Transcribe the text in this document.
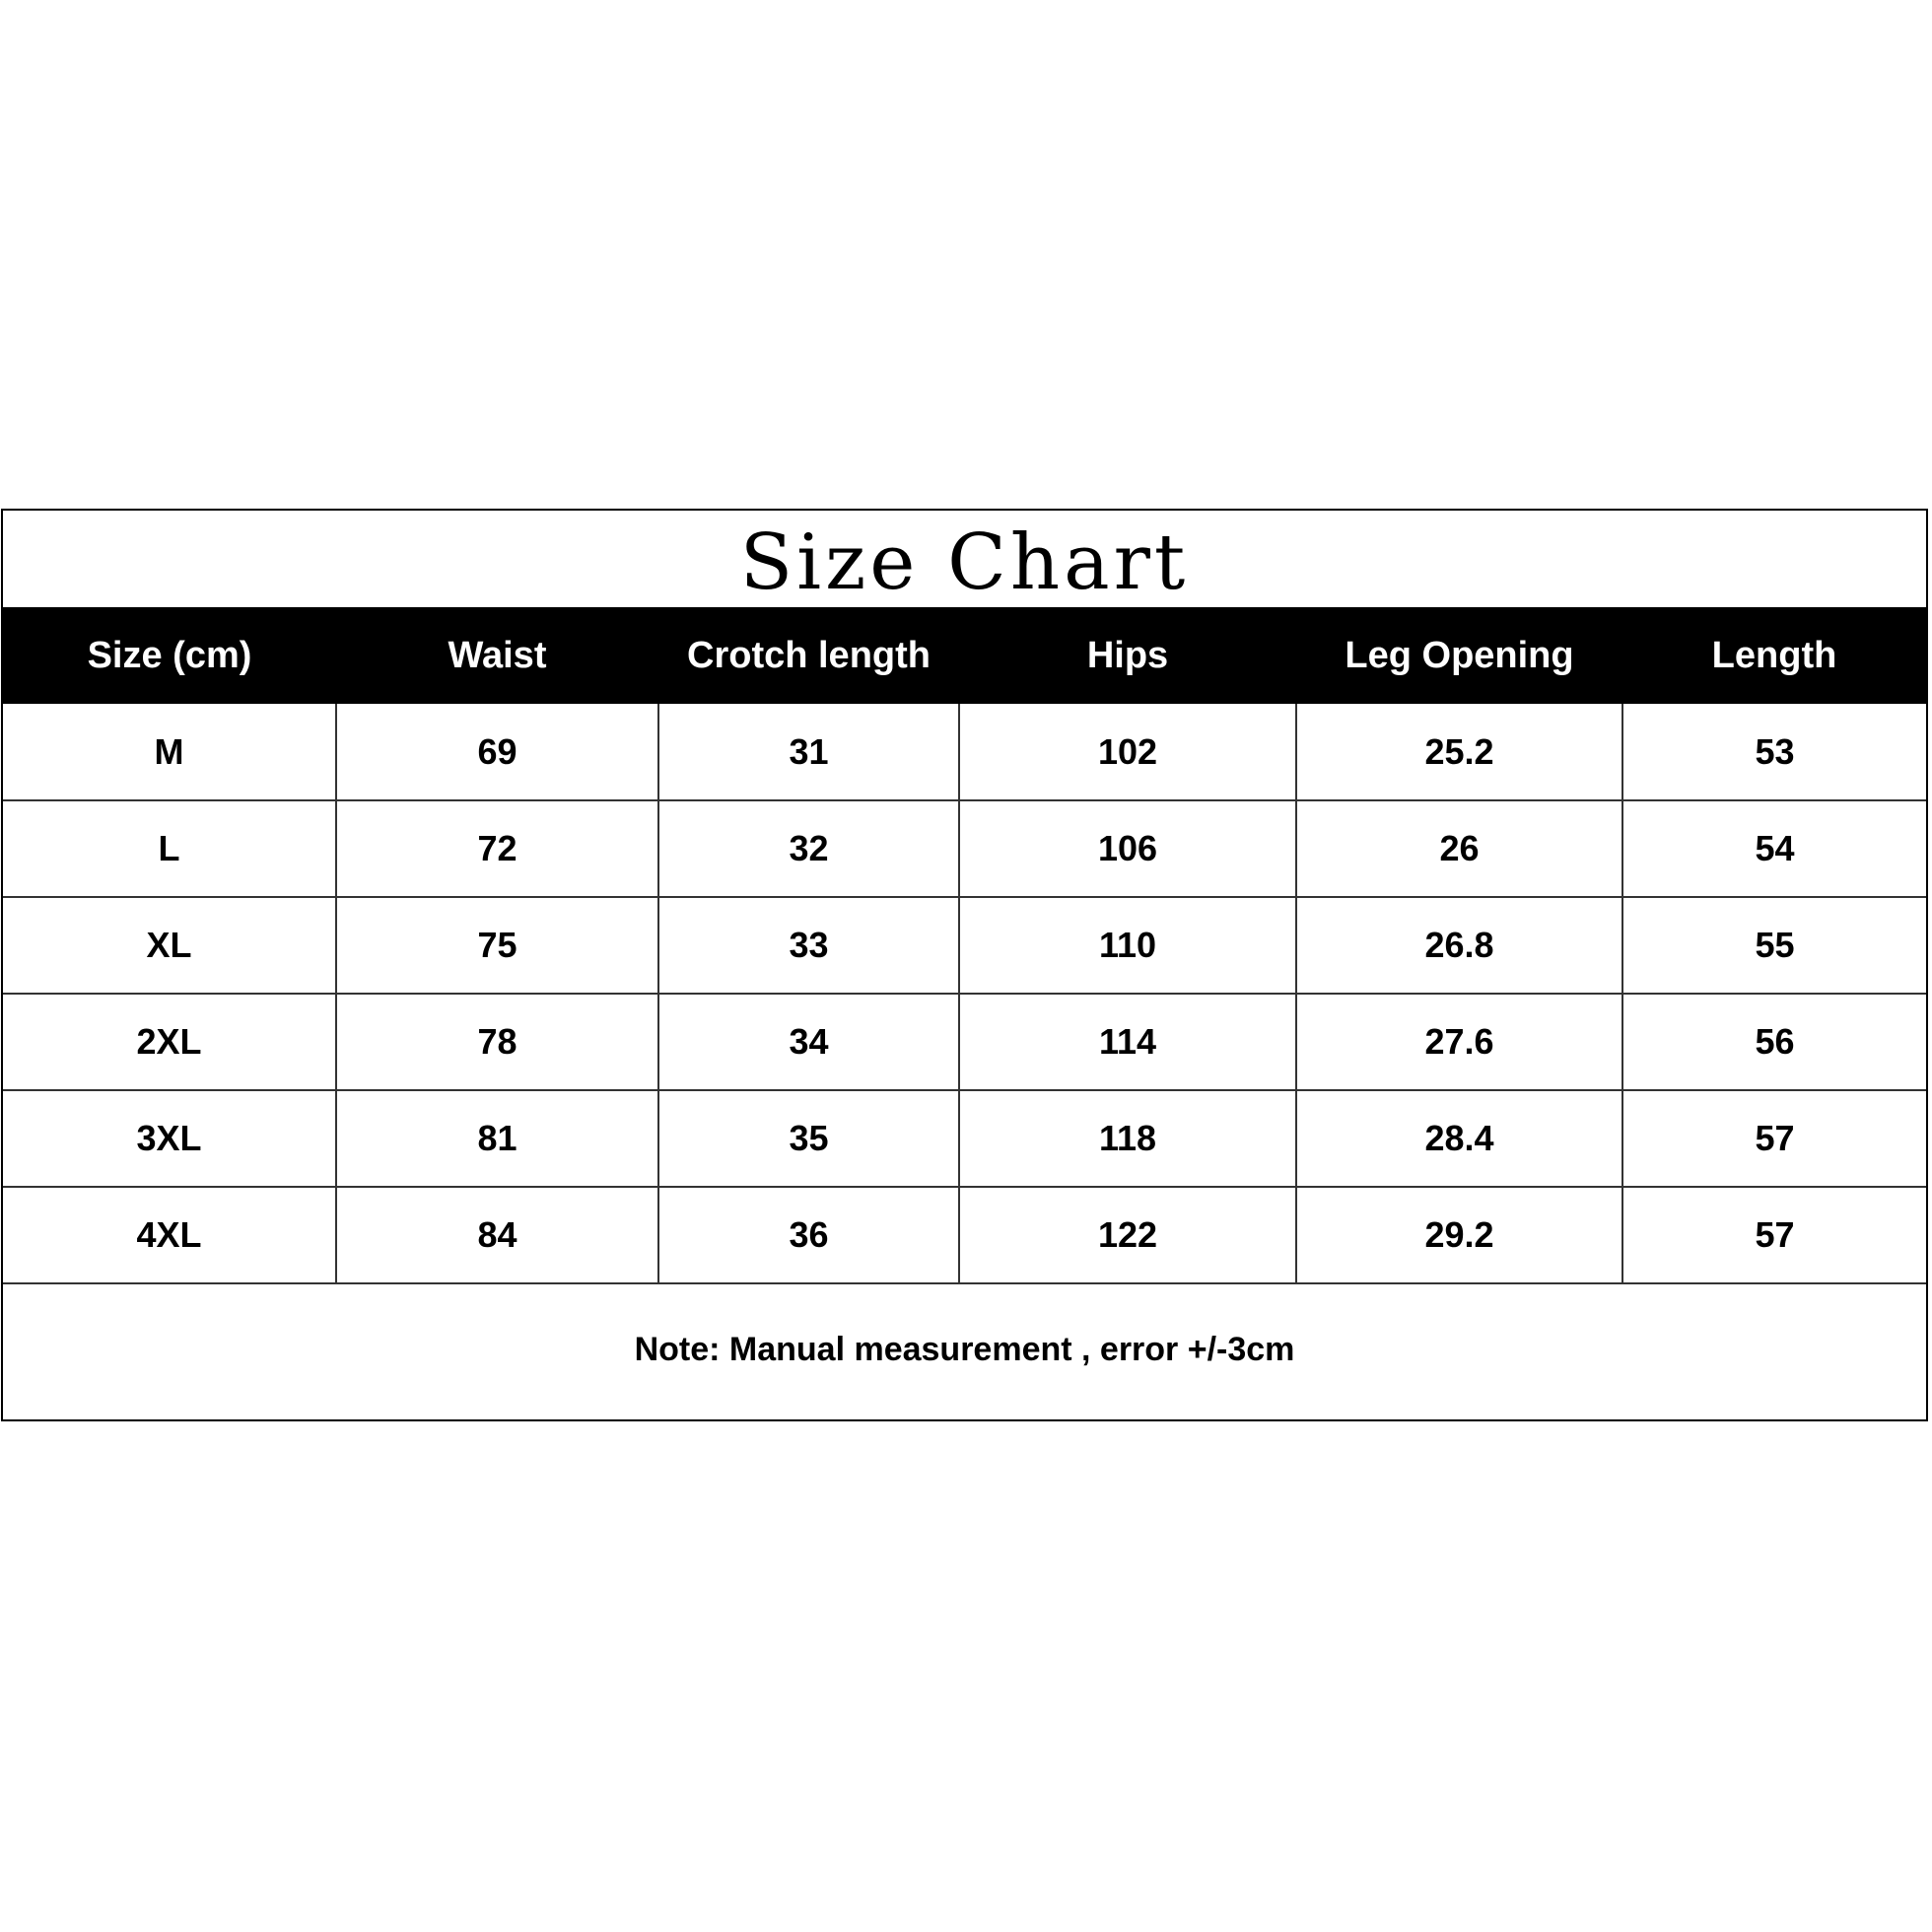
Size Chart
Size (cm)	Waist	Crotch length	Hips	Leg Opening	Length
M	69	31	102	25.2	53
L	72	32	106	26	54
XL	75	33	110	26.8	55
2XL	78	34	114	27.6	56
3XL	81	35	118	28.4	57
4XL	84	36	122	29.2	57
Note: Manual measurement , error +/-3cm
